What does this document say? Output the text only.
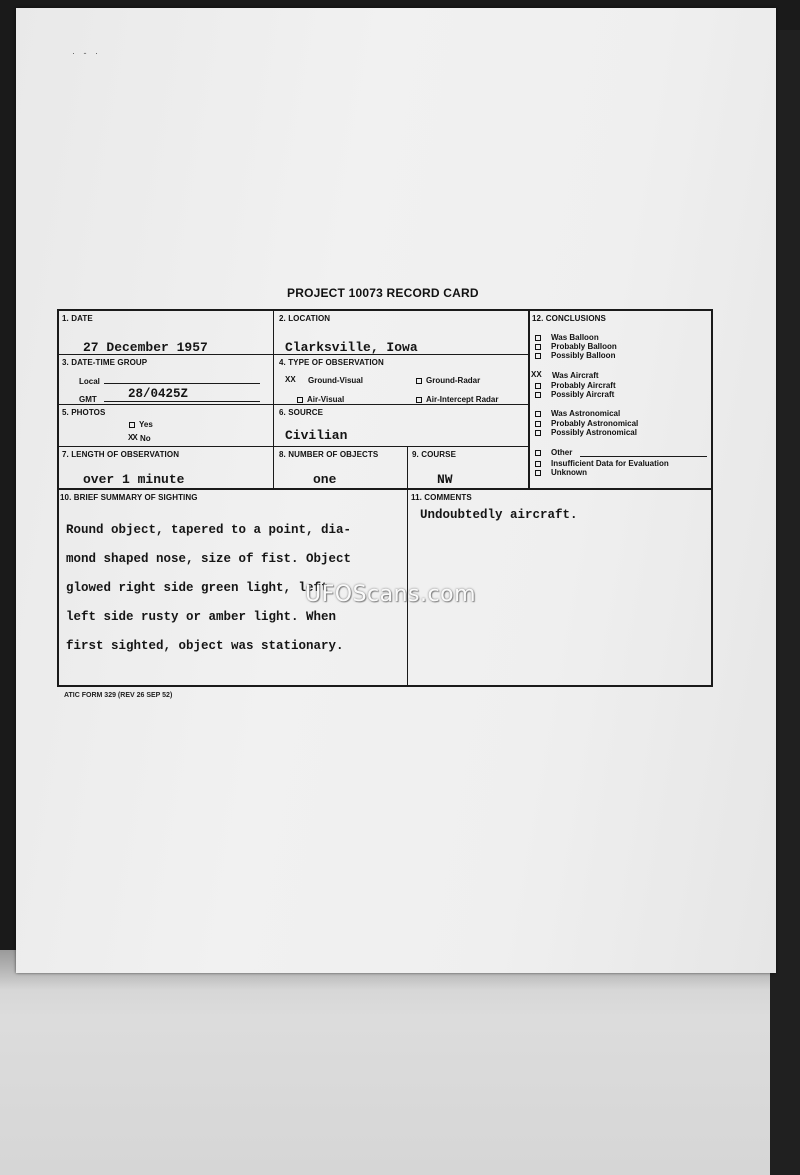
· - ·
PROJECT 10073 RECORD CARD
1. DATE
27 December 1957
2. LOCATION
Clarksville, Iowa
3. DATE-TIME GROUP
Local
GMT 28/0425Z
4. TYPE OF OBSERVATION
XX Ground-Visual	Ground-Radar
Air-Visual	Air-Intercept Radar
5. PHOTOS
Yes
XX No
6. SOURCE
Civilian
7. LENGTH OF OBSERVATION
over 1 minute
8. NUMBER OF OBJECTS
one
9. COURSE
NW
12. CONCLUSIONS
Was Balloon
Probably Balloon
Possibly Balloon
XX Was Aircraft
Probably Aircraft
Possibly Aircraft
Was Astronomical
Probably Astronomical
Possibly Astronomical
Other
Insufficient Data for Evaluation
Unknown
10. BRIEF SUMMARY OF SIGHTING

Round object, tapered to a point, dia-

mond shaped nose, size of fist. Object

glowed right side green light, left

left side rusty or amber light. When

first sighted, object was stationary.

11. COMMENTS
Undoubtedly aircraft.
UFOScans.com
ATIC FORM 329 (REV 26 SEP 52)
